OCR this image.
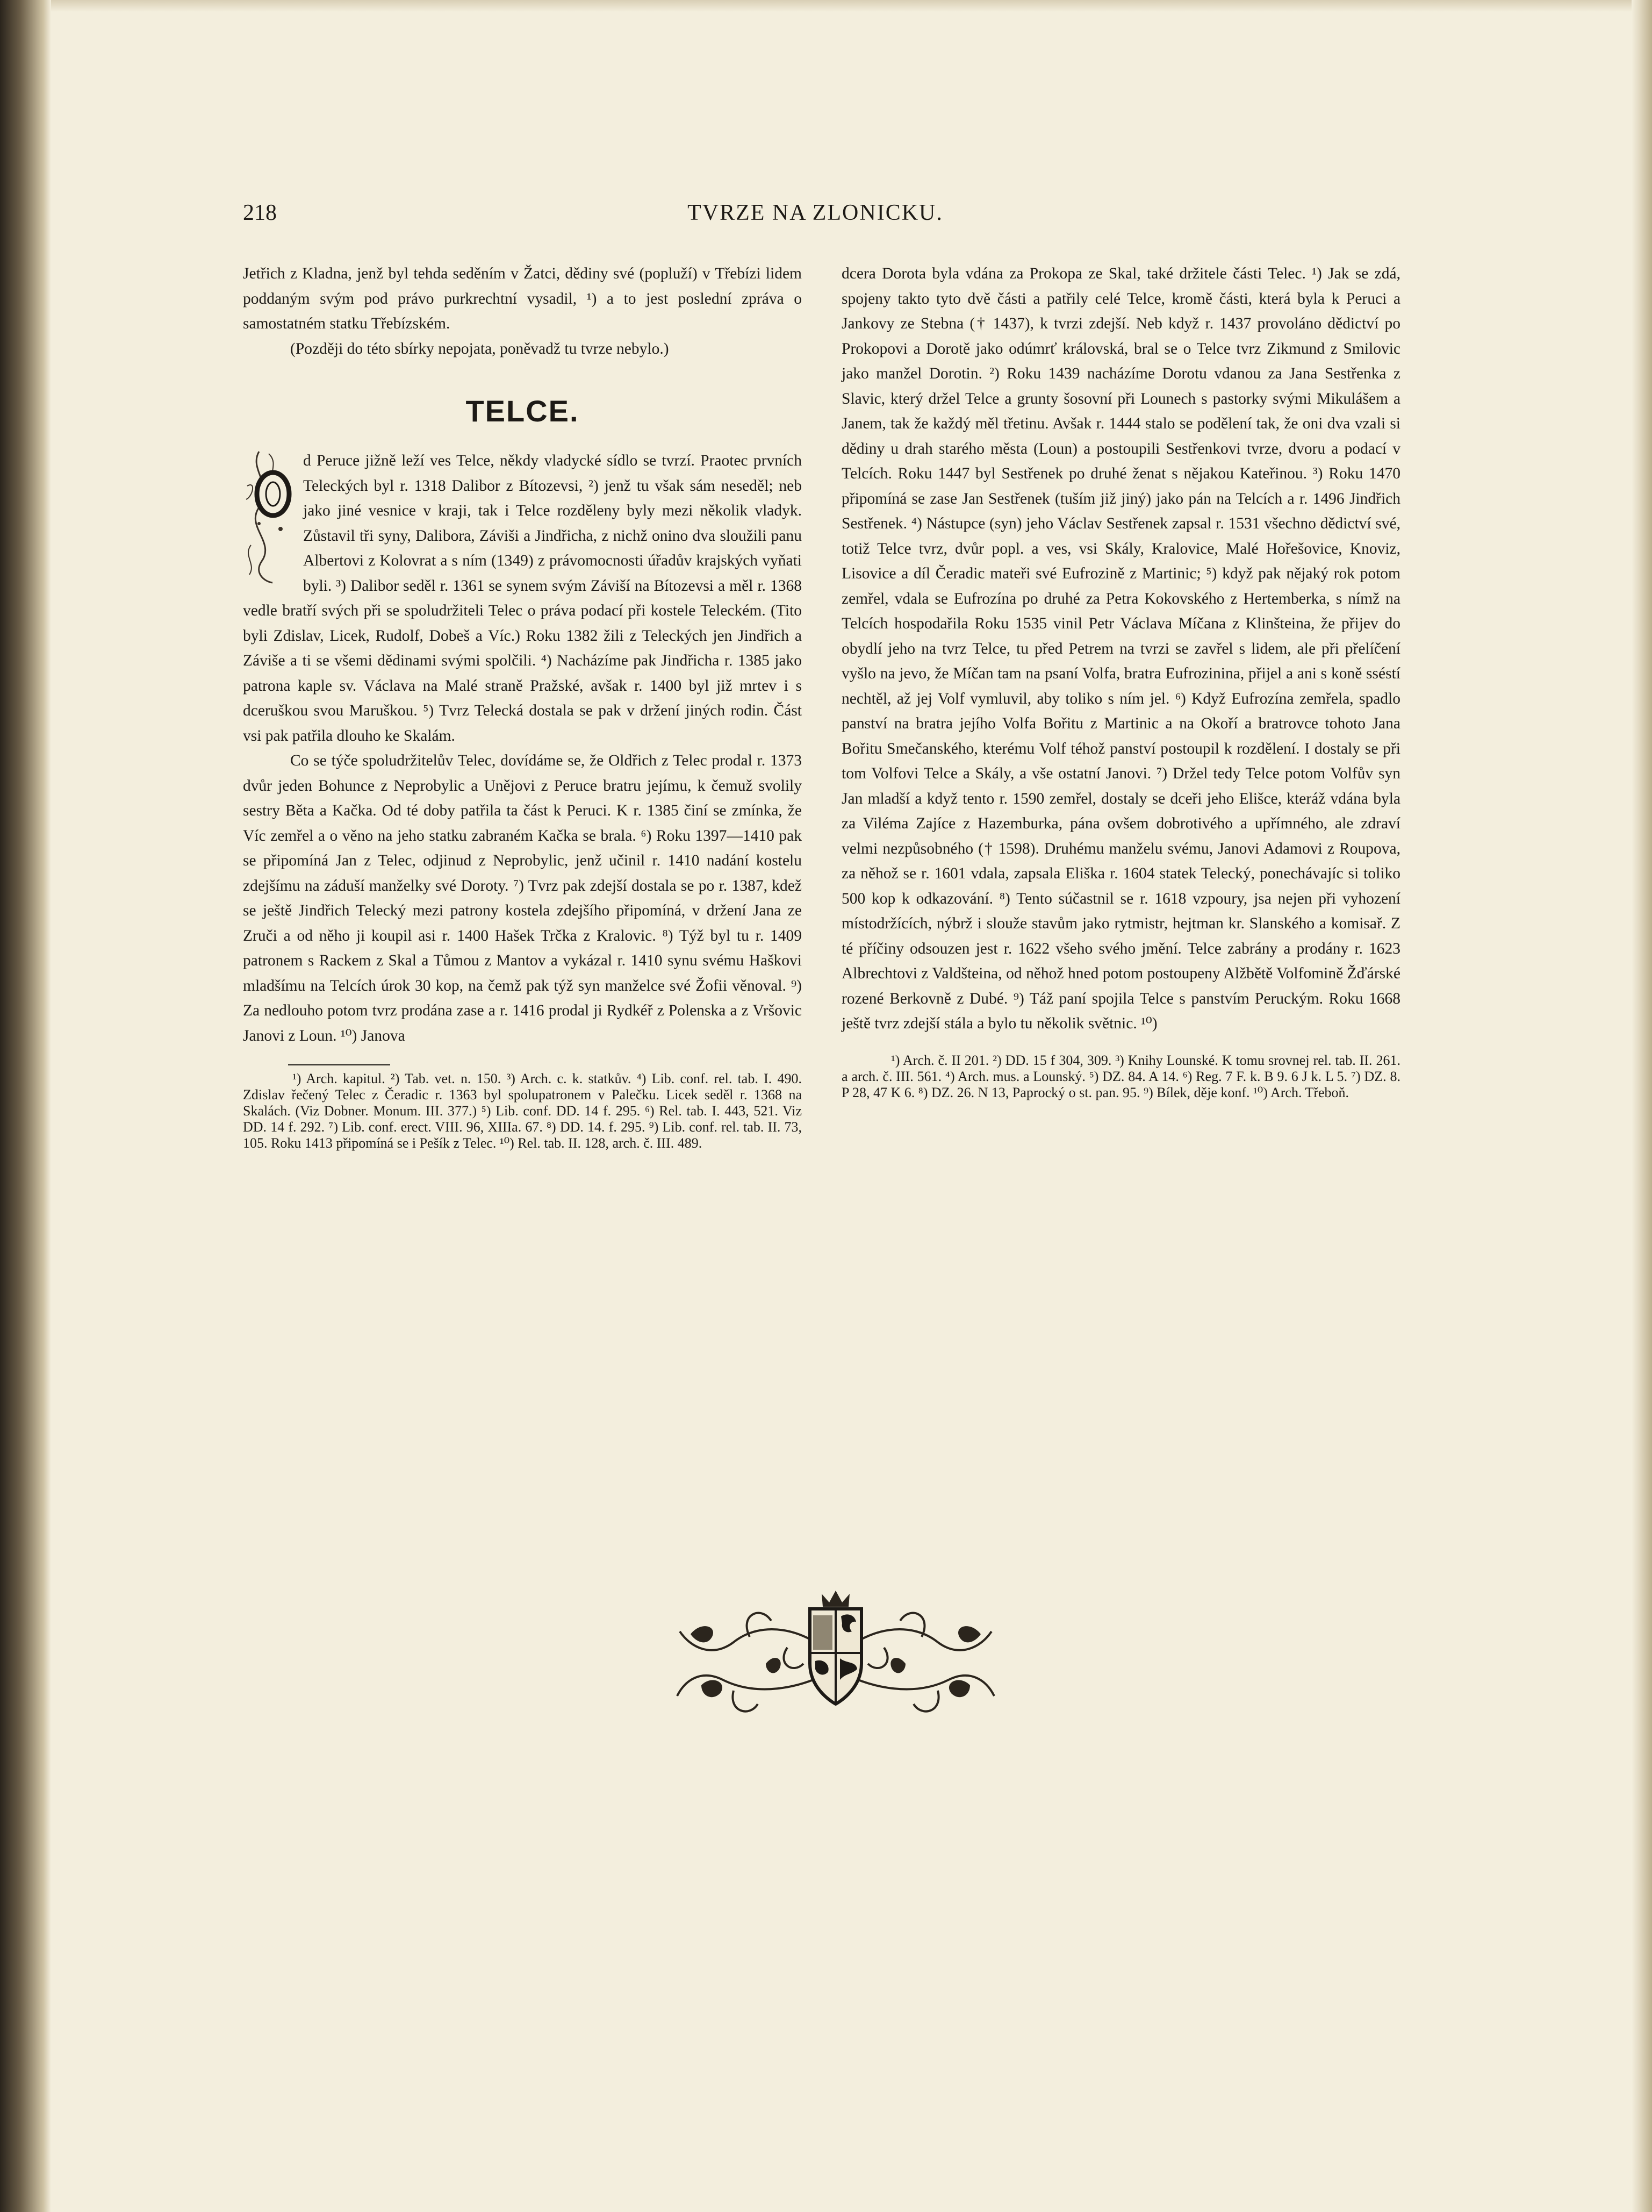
218	TVRZE NA ZLONICKU.

Jetřich z Kladna, jenž byl tehda seděním v Žatci, dědiny své (popluží) v Třebízi lidem poddaným svým pod právo purkrechtní vysadil, ¹) a to jest poslední zpráva o samostatném statku Třebízském.

(Později do této sbírky nepojata, poněvadž tu tvrze nebylo.)

TELCE.

d Peruce jižně leží ves Telce, někdy vladycké sídlo se tvrzí. Praotec prvních Teleckých byl r. 1318 Dalibor z Bítozevsi, ²) jenž tu však sám neseděl; neb jako jiné vesnice v kraji, tak i Telce rozděleny byly mezi několik vladyk. Zůstavil tři syny, Dalibora, Záviši a Jindřicha, z nichž onino dva sloužili panu Albertovi z Kolovrat a s ním (1349) z právomocnosti úřadův krajských vyňati byli. ³) Dalibor seděl r. 1361 se synem svým Záviší na Bítozevsi a měl r. 1368 vedle bratří svých při se spoludržiteli Telec o práva podací při kostele Teleckém. (Tito byli Zdislav, Licek, Rudolf, Dobeš a Víc.) Roku 1382 žili z Teleckých jen Jindřich a Záviše a ti se všemi dědinami svými spolčili. ⁴) Nacházíme pak Jindřicha r. 1385 jako patrona kaple sv. Václava na Malé straně Pražské, avšak r. 1400 byl již mrtev i s dceruškou svou Maruškou. ⁵) Tvrz Telecká dostala se pak v držení jiných rodin. Část vsi pak patřila dlouho ke Skalám.

Co se týče spoludržitelův Telec, dovídáme se, že Oldřich z Telec prodal r. 1373 dvůr jeden Bohunce z Neprobylic a Unějovi z Peruce bratru jejímu, k čemuž svolily sestry Běta a Kačka. Od té doby patřila ta část k Peruci. K r. 1385 činí se zmínka, že Víc zemřel a o věno na jeho statku zabraném Kačka se brala. ⁶) Roku 1397—1410 pak se připomíná Jan z Telec, odjinud z Neprobylic, jenž učinil r. 1410 nadání kostelu zdejšímu na záduší manželky své Doroty. ⁷) Tvrz pak zdejší dostala se po r. 1387, kdež se ještě Jindřich Telecký mezi patrony kostela zdejšího připomíná, v držení Jana ze Zruči a od něho ji koupil asi r. 1400 Hašek Trčka z Kralovic. ⁸) Týž byl tu r. 1409 patronem s Rackem z Skal a Tůmou z Mantov a vykázal r. 1410 synu svému Haškovi mladšímu na Telcích úrok 30 kop, na čemž pak týž syn manželce své Žofii věnoval. ⁹) Za nedlouho potom tvrz prodána zase a r. 1416 prodal ji Rydkéř z Polenska a z Vršovic Janovi z Loun. ¹⁰) Janova

¹) Arch. kapitul. ²) Tab. vet. n. 150. ³) Arch. c. k. statkův. ⁴) Lib. conf. rel. tab. I. 490. Zdislav řečený Telec z Čeradic r. 1363 byl spolupatronem v Palečku. Licek seděl r. 1368 na Skalách. (Viz Dobner. Monum. III. 377.) ⁵) Lib. conf. DD. 14 f. 295. ⁶) Rel. tab. I. 443, 521. Viz DD. 14 f. 292. ⁷) Lib. conf. erect. VIII. 96, XIIIa. 67. ⁸) DD. 14. f. 295. ⁹) Lib. conf. rel. tab. II. 73, 105. Roku 1413 připomíná se i Pešík z Telec. ¹⁰) Rel. tab. II. 128, arch. č. III. 489.

dcera Dorota byla vdána za Prokopa ze Skal, také držitele části Telec. ¹) Jak se zdá, spojeny takto tyto dvě části a patřily celé Telce, kromě části, která byla k Peruci a Jankovy ze Stebna († 1437), k tvrzi zdejší. Neb když r. 1437 provoláno dědictví po Prokopovi a Dorotě jako odúmrť královská, bral se o Telce tvrz Zikmund z Smilovic jako manžel Dorotin. ²) Roku 1439 nacházíme Dorotu vdanou za Jana Sestřenka z Slavic, který držel Telce a grunty šosovní při Lounech s pastorky svými Mikulášem a Janem, tak že každý měl třetinu. Avšak r. 1444 stalo se podělení tak, že oni dva vzali si dědiny u drah starého města (Loun) a postoupili Sestřenkovi tvrze, dvoru a podací v Telcích. Roku 1447 byl Sestřenek po druhé ženat s nějakou Kateřinou. ³) Roku 1470 připomíná se zase Jan Sestřenek (tuším již jiný) jako pán na Telcích a r. 1496 Jindřich Sestřenek. ⁴) Nástupce (syn) jeho Václav Sestřenek zapsal r. 1531 všechno dědictví své, totiž Telce tvrz, dvůr popl. a ves, vsi Skály, Kralovice, Malé Hořešovice, Knoviz, Lisovice a díl Čeradic mateři své Eufrozině z Martinic; ⁵) když pak nějaký rok potom zemřel, vdala se Eufrozína po druhé za Petra Kokovského z Hertemberka, s nímž na Telcích hospodařila Roku 1535 vinil Petr Václava Míčana z Klinšteina, že přijev do obydlí jeho na tvrz Telce, tu před Petrem na tvrzi se zavřel s lidem, ale při přelíčení vyšlo na jevo, že Míčan tam na psaní Volfa, bratra Eufrozinina, přijel a ani s koně sséstí nechtěl, až jej Volf vymluvil, aby toliko s ním jel. ⁶) Když Eufrozína zemřela, spadlo panství na bratra jejího Volfa Bořitu z Martinic a na Okoří a bratrovce tohoto Jana Bořitu Smečanského, kterému Volf téhož panství postoupil k rozdělení. I dostaly se při tom Volfovi Telce a Skály, a vše ostatní Janovi. ⁷) Držel tedy Telce potom Volfův syn Jan mladší a když tento r. 1590 zemřel, dostaly se dceři jeho Elišce, kteráž vdána byla za Viléma Zajíce z Hazemburka, pána ovšem dobrotivého a upřímného, ale zdraví velmi nezpůsobného († 1598). Druhému manželu svému, Janovi Adamovi z Roupova, za něhož se r. 1601 vdala, zapsala Eliška r. 1604 statek Telecký, ponechávajíc si toliko 500 kop k odkazování. ⁸) Tento súčastnil se r. 1618 vzpoury, jsa nejen při vyhození místodržících, nýbrž i slouže stavům jako rytmistr, hejtman kr. Slanského a komisař. Z té příčiny odsouzen jest r. 1622 všeho svého jmění. Telce zabrány a prodány r. 1623 Albrechtovi z Valdšteina, od něhož hned potom postoupeny Alžbětě Volfomině Žďárské rozené Berkovně z Dubé. ⁹) Táž paní spojila Telce s panstvím Peruckým. Roku 1668 ještě tvrz zdejší stála a bylo tu několik světnic. ¹⁰)

¹) Arch. č. II 201. ²) DD. 15 f 304, 309. ³) Knihy Lounské. K tomu srovnej rel. tab. II. 261. a arch. č. III. 561. ⁴) Arch. mus. a Lounský. ⁵) DZ. 84. A 14. ⁶) Reg. 7 F. k. B 9. 6 J k. L 5. ⁷) DZ. 8. P 28, 47 K 6. ⁸) DZ. 26. N 13, Paprocký o st. pan. 95. ⁹) Bílek, děje konf. ¹⁰) Arch. Třeboň.
